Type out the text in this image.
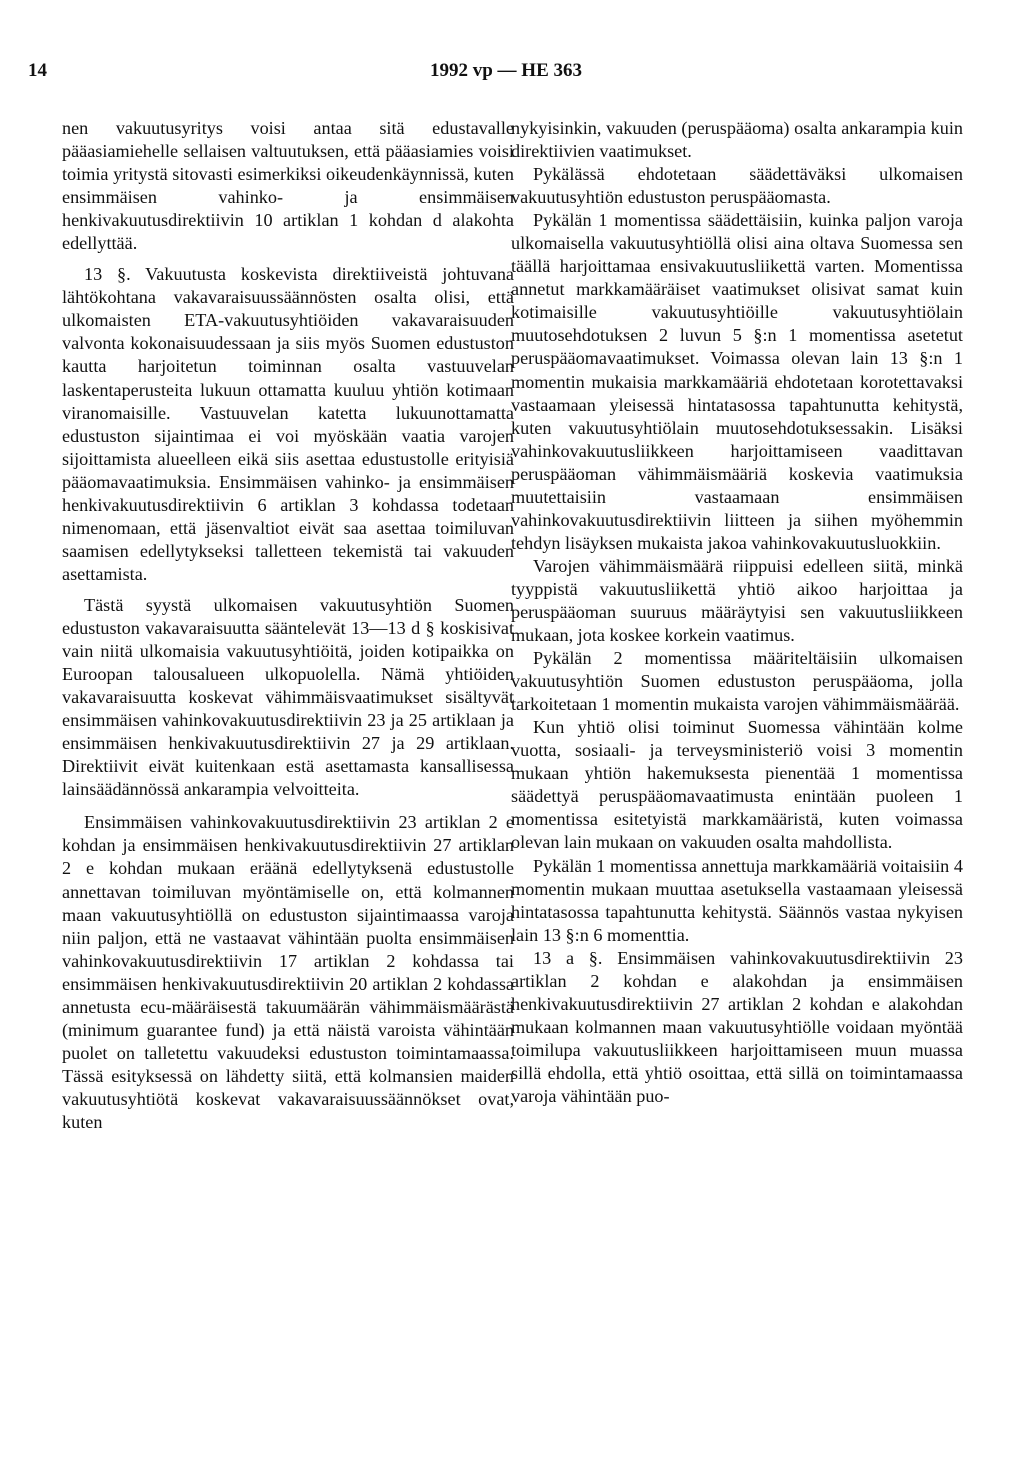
14	1992 vp — HE 363

nen vakuutusyritys voisi antaa sitä edustavalle pääasiamiehelle sellaisen valtuutuksen, että pääasiamies voisi toimia yritystä sitovasti esimerkiksi oikeudenkäynnissä, kuten ensimmäisen vahinko- ja ensimmäisen henkivakuutusdirektiivin 10 artiklan 1 kohdan d alakohta edellyttää.

13 §. Vakuutusta koskevista direktiiveistä johtuvana lähtökohtana vakavaraisuussäännösten osalta olisi, että ulkomaisten ETA-vakuutusyhtiöiden vakavaraisuuden valvonta kokonaisuudessaan ja siis myös Suomen edustuston kautta harjoitetun toiminnan osalta vastuuvelan laskentaperusteita lukuun ottamatta kuuluu yhtiön kotimaan viranomaisille. Vastuuvelan katetta lukuunottamatta edustuston sijaintimaa ei voi myöskään vaatia varojen sijoittamista alueelleen eikä siis asettaa edustustolle erityisiä pääomavaatimuksia. Ensimmäisen vahinko- ja ensimmäisen henkivakuutusdirektiivin 6 artiklan 3 kohdassa todetaan nimenomaan, että jäsenvaltiot eivät saa asettaa toimiluvan saamisen edellytykseksi talletteen tekemistä tai vakuuden asettamista.

Tästä syystä ulkomaisen vakuutusyhtiön Suomen edustuston vakavaraisuutta sääntelevät 13—13 d § koskisivat vain niitä ulkomaisia vakuutusyhtiöitä, joiden kotipaikka on Euroopan talousalueen ulkopuolella. Nämä yhtiöiden vakavaraisuutta koskevat vähimmäisvaatimukset sisältyvät ensimmäisen vahinkovakuutusdirektiivin 23 ja 25 artiklaan ja ensimmäisen henkivakuutusdirektiivin 27 ja 29 artiklaan. Direktiivit eivät kuitenkaan estä asettamasta kansallisessa lainsäädännössä ankarampia velvoitteita.

Ensimmäisen vahinkovakuutusdirektiivin 23 artiklan 2 e kohdan ja ensimmäisen henkivakuutusdirektiivin 27 artiklan 2 e kohdan mukaan eräänä edellytyksenä edustustolle annettavan toimiluvan myöntämiselle on, että kolmannen maan vakuutusyhtiöllä on edustuston sijaintimaassa varoja niin paljon, että ne vastaavat vähintään puolta ensimmäisen vahinkovakuutusdirektiivin 17 artiklan 2 kohdassa tai ensimmäisen henkivakuutusdirektiivin 20 artiklan 2 kohdassa annetusta ecu-määräisestä takuumäärän vähimmäismäärästä (minimum guarantee fund) ja että näistä varoista vähintään puolet on talletettu vakuudeksi edustuston toimintamaassa. Tässä esityksessä on lähdetty siitä, että kolmansien maiden vakuutusyhtiötä koskevat vakavaraisuussäännökset ovat, kuten

nykyisinkin, vakuuden (peruspääoma) osalta ankarampia kuin direktiivien vaatimukset.

Pykälässä ehdotetaan säädettäväksi ulkomaisen vakuutusyhtiön edustuston peruspääomasta.

Pykälän 1 momentissa säädettäisiin, kuinka paljon varoja ulkomaisella vakuutusyhtiöllä olisi aina oltava Suomessa sen täällä harjoittamaa ensivakuutusliikettä varten. Momentissa annetut markkamääräiset vaatimukset olisivat samat kuin kotimaisille vakuutusyhtiöille vakuutusyhtiölain muutosehdotuksen 2 luvun 5 §:n 1 momentissa asetetut peruspääomavaatimukset. Voimassa olevan lain 13 §:n 1 momentin mukaisia markkamääriä ehdotetaan korotettavaksi vastaamaan yleisessä hintatasossa tapahtunutta kehitystä, kuten vakuutusyhtiölain muutosehdotuksessakin. Lisäksi vahinkovakuutusliikkeen harjoittamiseen vaadittavan peruspääoman vähimmäismääriä koskevia vaatimuksia muutettaisiin vastaamaan ensimmäisen vahinkovakuutusdirektiivin liitteen ja siihen myöhemmin tehdyn lisäyksen mukaista jakoa vahinkovakuutusluokkiin.

Varojen vähimmäismäärä riippuisi edelleen siitä, minkä tyyppistä vakuutusliikettä yhtiö aikoo harjoittaa ja peruspääoman suuruus määräytyisi sen vakuutusliikkeen mukaan, jota koskee korkein vaatimus.

Pykälän 2 momentissa määriteltäisiin ulkomaisen vakuutusyhtiön Suomen edustuston peruspääoma, jolla tarkoitetaan 1 momentin mukaista varojen vähimmäismäärää.

Kun yhtiö olisi toiminut Suomessa vähintään kolme vuotta, sosiaali- ja terveysministeriö voisi 3 momentin mukaan yhtiön hakemuksesta pienentää 1 momentissa säädettyä peruspääomavaatimusta enintään puoleen 1 momentissa esitetyistä markkamääristä, kuten voimassa olevan lain mukaan on vakuuden osalta mahdollista.

Pykälän 1 momentissa annettuja markkamääriä voitaisiin 4 momentin mukaan muuttaa asetuksella vastaamaan yleisessä hintatasossa tapahtunutta kehitystä. Säännös vastaa nykyisen lain 13 §:n 6 momenttia.

13 a §. Ensimmäisen vahinkovakuutusdirektiivin 23 artiklan 2 kohdan e alakohdan ja ensimmäisen henkivakuutusdirektiivin 27 artiklan 2 kohdan e alakohdan mukaan kolmannen maan vakuutusyhtiölle voidaan myöntää toimilupa vakuutusliikkeen harjoittamiseen muun muassa sillä ehdolla, että yhtiö osoittaa, että sillä on toimintamaassa varoja vähintään puo-
